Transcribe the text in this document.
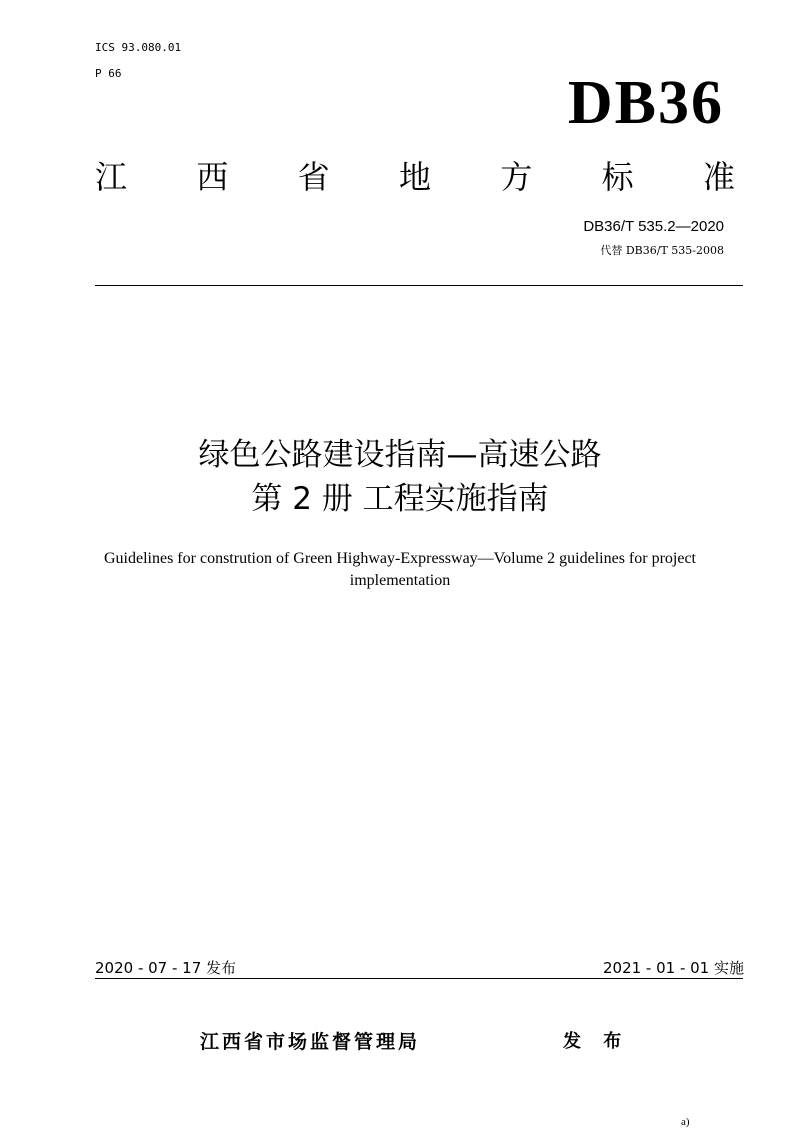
ICS 93.080.01
P 66	DB36
江 西 省 地 方 标 准
DB36/T 535.2—2020
代替 DB36/T 535-2008
绿色公路建设指南—高速公路
第 2 册 工程实施指南
Guidelines for constrution of Green Highway-Expressway—Volume 2 guidelines for project implementation
2020 - 07 - 17 发布	2021 - 01 - 01 实施
江西省市场监督管理局	发 布
a)
